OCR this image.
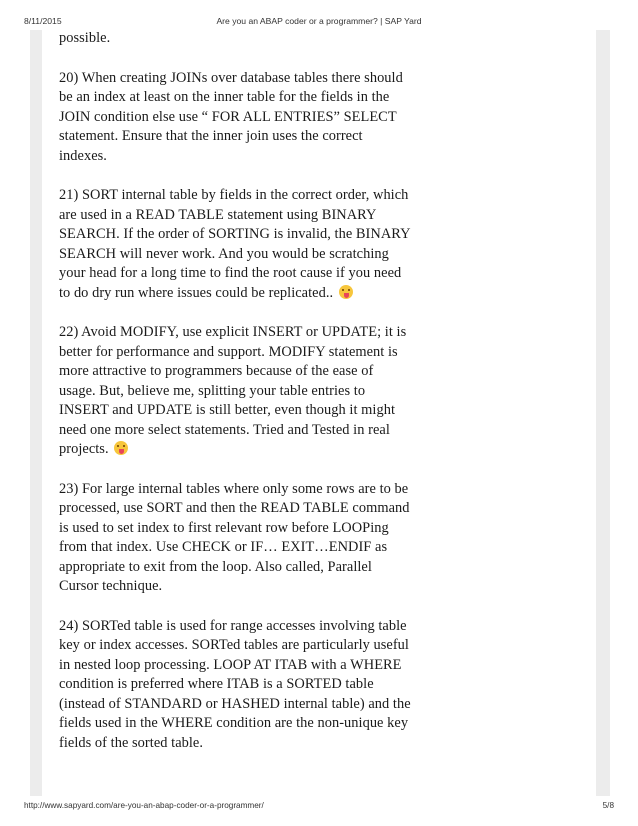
8/11/2015	Are you an ABAP coder or a programmer? | SAP Yard

possible.

20) When creating JOINs over database tables there should be an index at least on the inner table for the fields in the JOIN condition else use “ FOR ALL ENTRIES” SELECT statement. Ensure that the inner join uses the correct indexes.

21) SORT internal table by fields in the correct order, which are used in a READ TABLE statement using BINARY SEARCH. If the order of SORTING is invalid, the BINARY SEARCH will never work. And you would be scratching your head for a long time to find the root cause if you need to do dry run where issues could be replicated..

22) Avoid MODIFY, use explicit INSERT or UPDATE; it is better for performance and support. MODIFY statement is more attractive to programmers because of the ease of usage. But, believe me, splitting your table entries to INSERT and UPDATE is still better, even though it might need one more select statements. Tried and Tested in real projects.

23) For large internal tables where only some rows are to be processed, use SORT and then the READ TABLE command is used to set index to first relevant row before LOOPing from that index. Use CHECK or IF… EXIT…ENDIF as appropriate to exit from the loop. Also called, Parallel Cursor technique.

24) SORTed table is used for range accesses involving table key or index accesses. SORTed tables are particularly useful in nested loop processing. LOOP AT ITAB with a WHERE condition is preferred where ITAB is a SORTED table (instead of STANDARD or HASHED internal table) and the fields used in the WHERE condition are the non-unique key fields of the sorted table.

http://www.sapyard.com/are-you-an-abap-coder-or-a-programmer/	5/8
